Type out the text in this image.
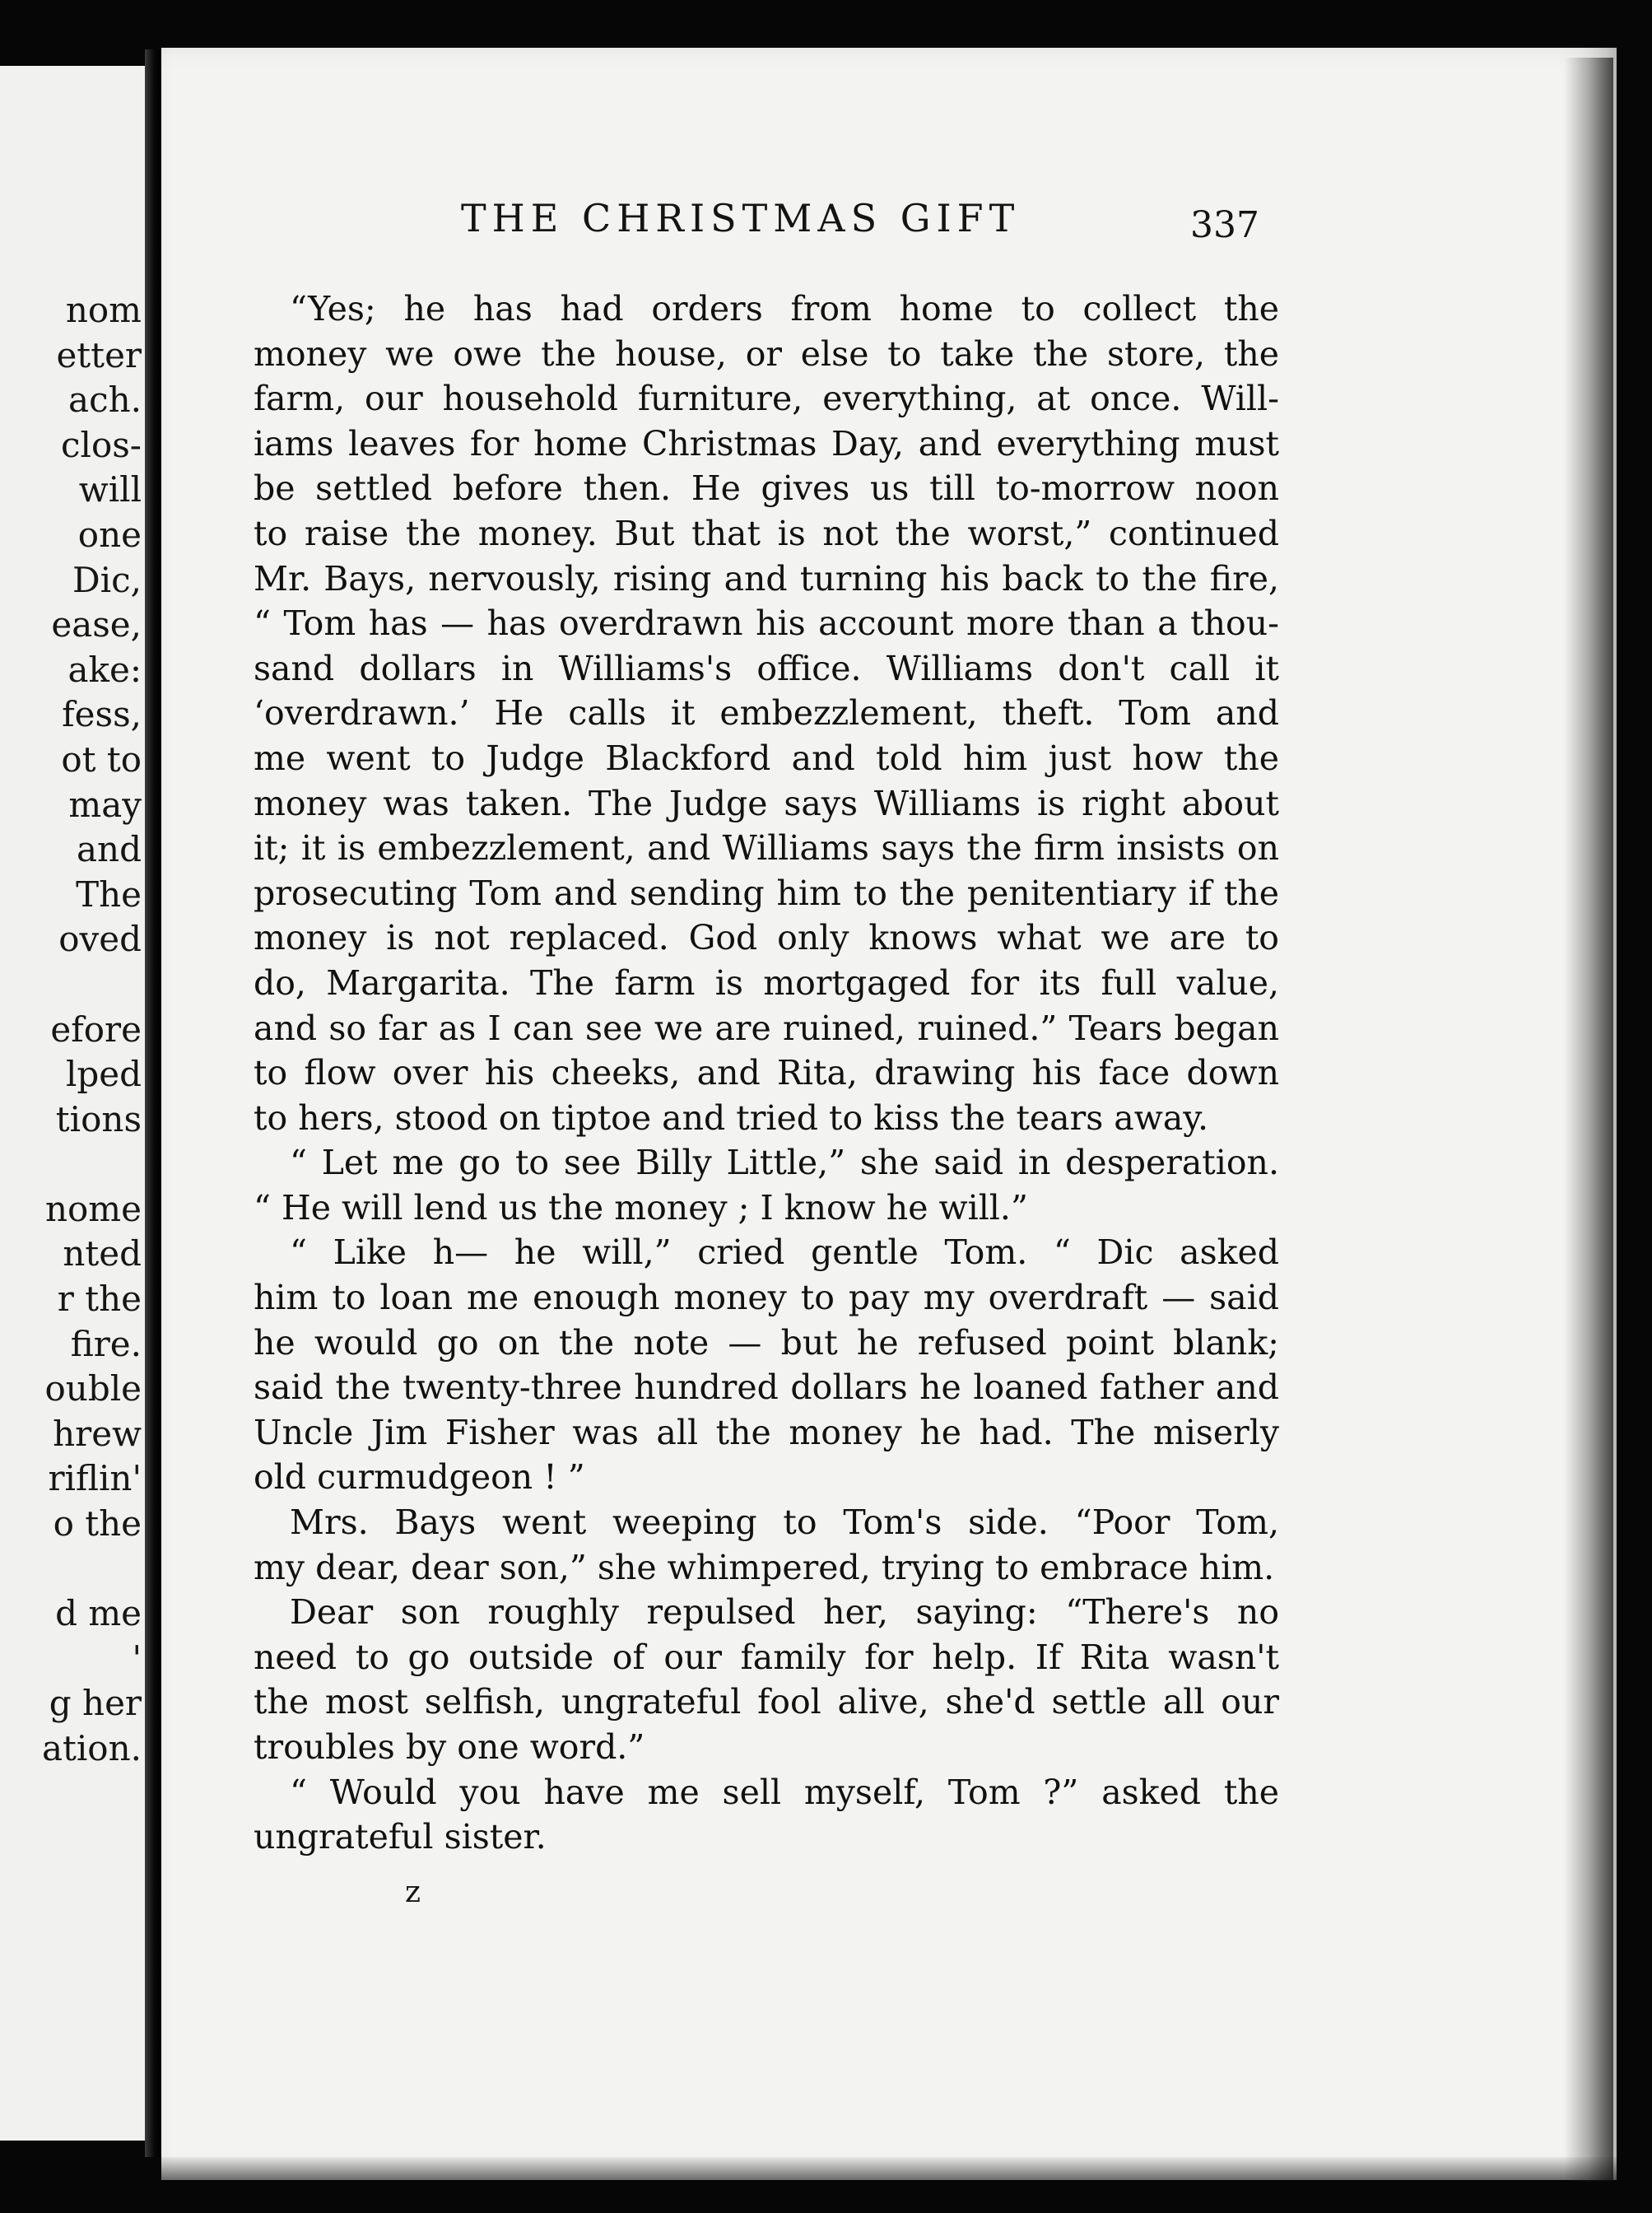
nom
etter
ach.
clos-
will
one
Dic,
ease,
ake:
fess,
ot to
may
and
The
oved
efore
lped
tions
nome
nted
r the
fire.
ouble
hrew
riflin'
o the
d me
'
g her
ation.
THE CHRISTMAS GIFT	337
“Yes; he has had orders from home to collect the
money we owe the house, or else to take the store, the
farm, our household furniture, everything, at once. Will-
iams leaves for home Christmas Day, and everything must
be settled before then. He gives us till to-morrow noon
to raise the money. But that is not the worst,” continued
Mr. Bays, nervously, rising and turning his back to the fire,
“ Tom has — has overdrawn his account more than a thou-
sand dollars in Williams's office. Williams don't call it
‘overdrawn.’ He calls it embezzlement, theft. Tom and
me went to Judge Blackford and told him just how the
money was taken. The Judge says Williams is right about
it; it is embezzlement, and Williams says the firm insists on
prosecuting Tom and sending him to the penitentiary if the
money is not replaced. God only knows what we are to
do, Margarita. The farm is mortgaged for its full value,
and so far as I can see we are ruined, ruined.” Tears began
to flow over his cheeks, and Rita, drawing his face down
to hers, stood on tiptoe and tried to kiss the tears away.
“ Let me go to see Billy Little,” she said in desperation.
“ He will lend us the money ; I know he will.”
“ Like h— he will,” cried gentle Tom. “ Dic asked
him to loan me enough money to pay my overdraft — said
he would go on the note — but he refused point blank;
said the twenty-three hundred dollars he loaned father and
Uncle Jim Fisher was all the money he had. The miserly
old curmudgeon ! ”
Mrs. Bays went weeping to Tom's side. “Poor Tom,
my dear, dear son,” she whimpered, trying to embrace him.
Dear son roughly repulsed her, saying: “There's no
need to go outside of our family for help. If Rita wasn't
the most selfish, ungrateful fool alive, she'd settle all our
troubles by one word.”
“ Would you have me sell myself, Tom ?” asked the
ungrateful sister.
z
